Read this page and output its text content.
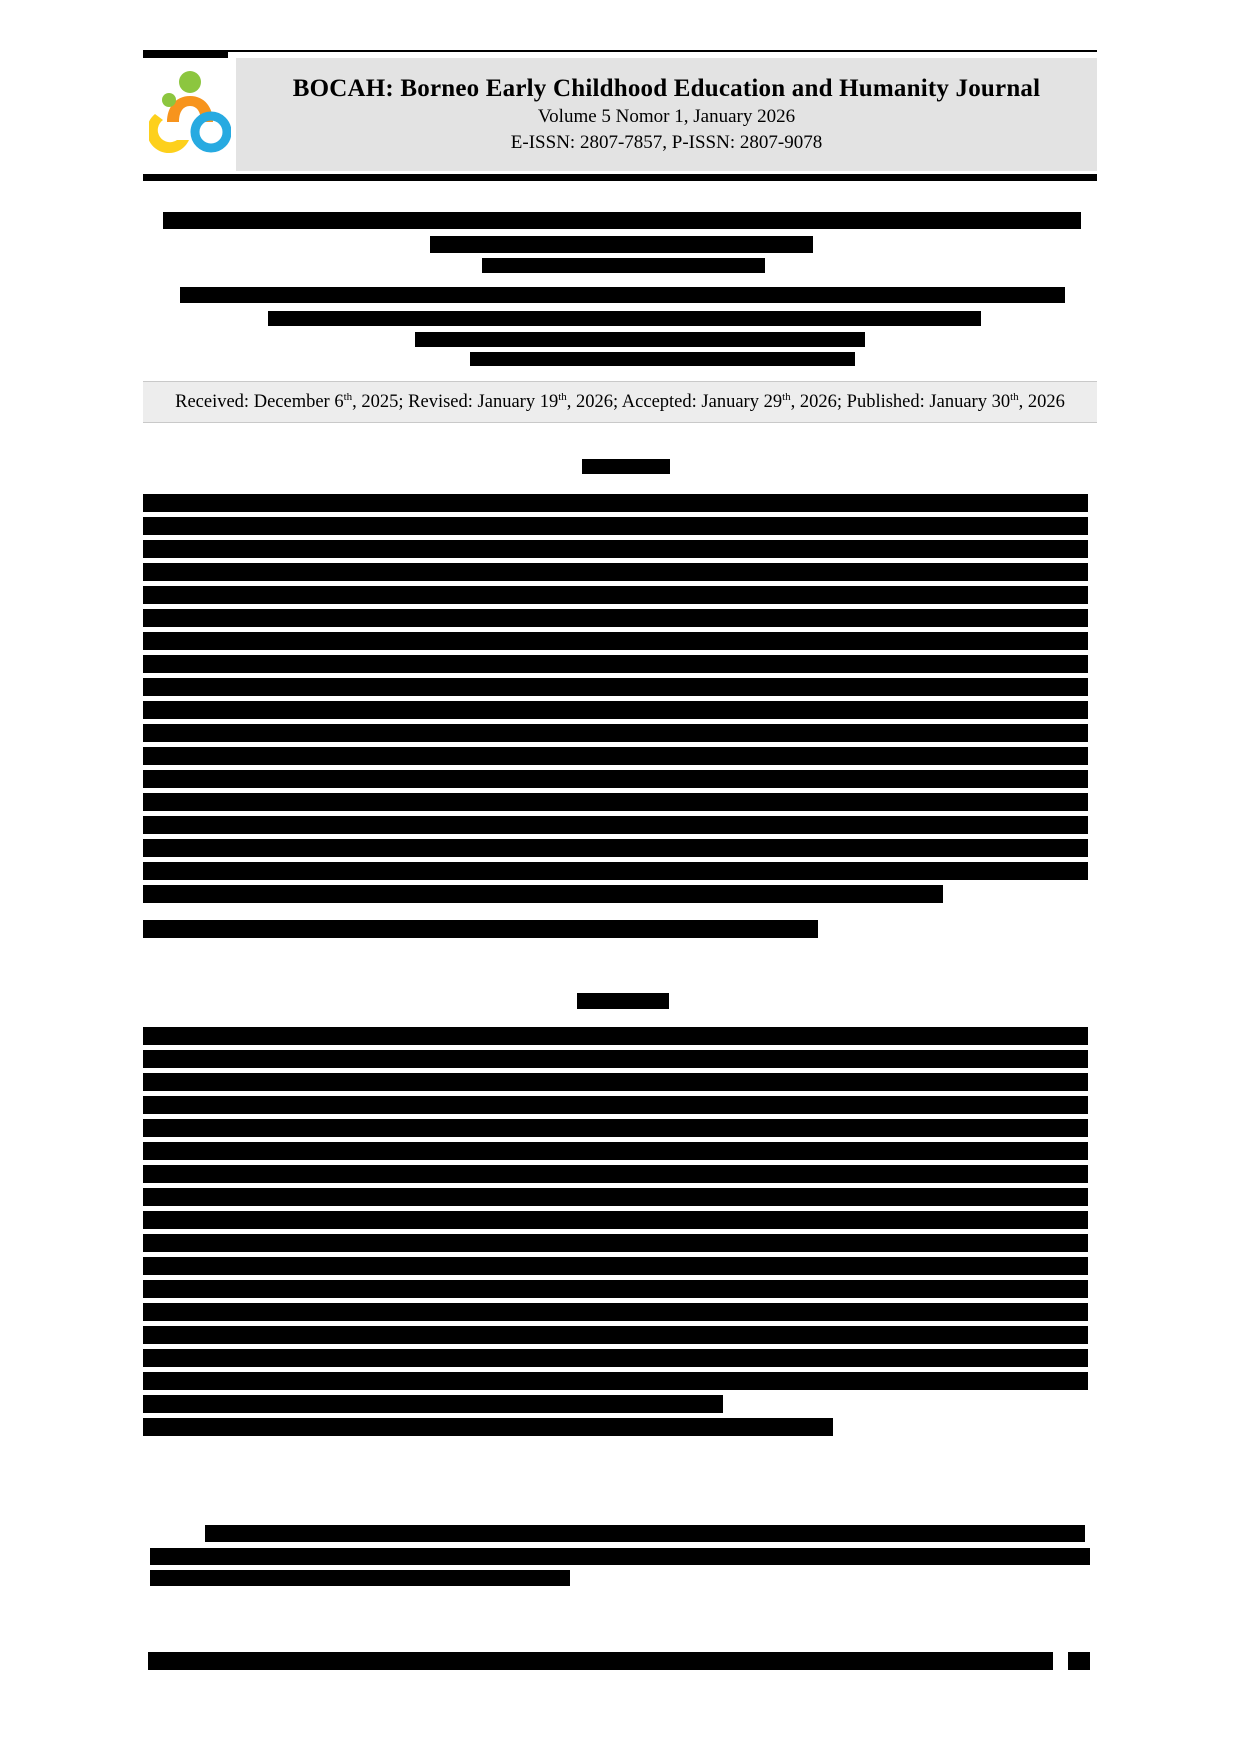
BOCAH: Borneo Early Childhood Education and Humanity Journal
Volume 5 Nomor 1, January 2026
E-ISSN: 2807-7857, P-ISSN: 2807-9078
Received: December 6th, 2025; Revised: January 19th, 2026; Accepted: January 29th, 2026; Published: January 30th, 2026
